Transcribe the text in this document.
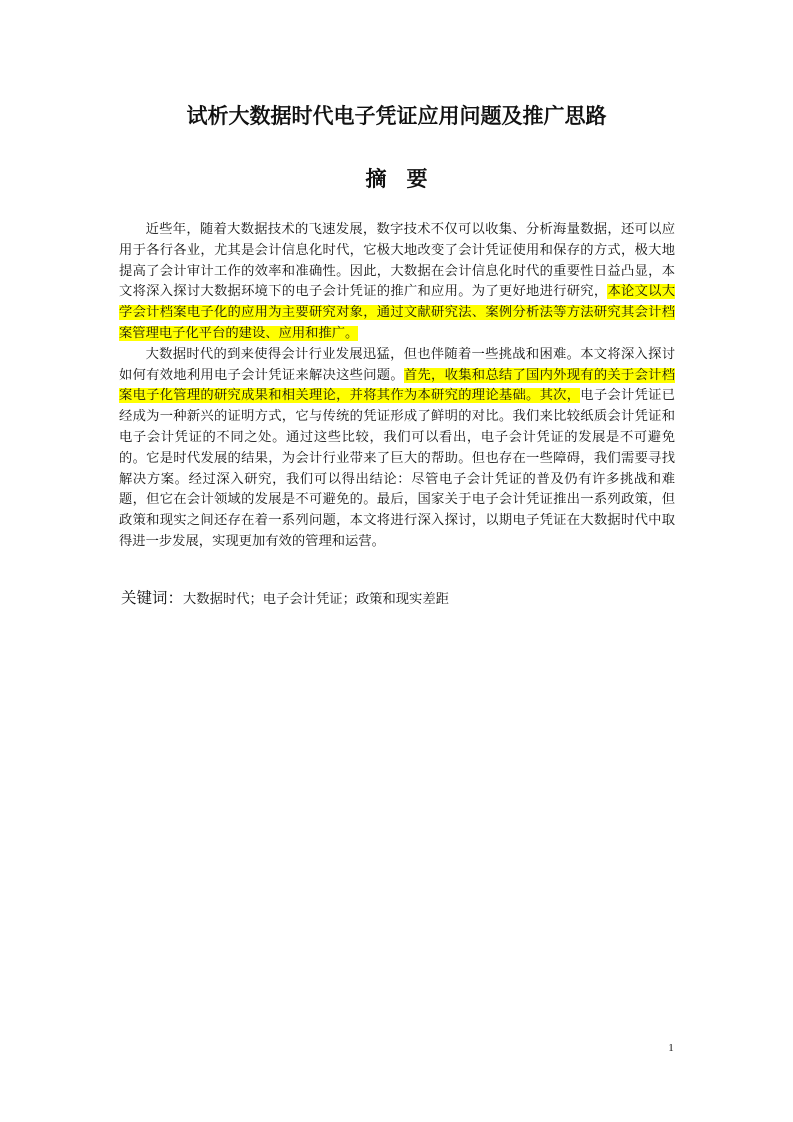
试析大数据时代电子凭证应用问题及推广思路
摘要

近些年，随着大数据技术的飞速发展，数字技术不仅可以收集、分析海量数据，还可以应用于各行各业，尤其是会计信息化时代，它极大地改变了会计凭证使用和保存的方式，极大地提高了会计审计工作的效率和准确性。因此，大数据在会计信息化时代的重要性日益凸显，本文将深入探讨大数据环境下的电子会计凭证的推广和应用。为了更好地进行研究，本论文以大学会计档案电子化的应用为主要研究对象，通过文献研究法、案例分析法等方法研究其会计档案管理电子化平台的建设、应用和推广。

大数据时代的到来使得会计行业发展迅猛，但也伴随着一些挑战和困难。本文将深入探讨如何有效地利用电子会计凭证来解决这些问题。首先，收集和总结了国内外现有的关于会计档案电子化管理的研究成果和相关理论，并将其作为本研究的理论基础。其次，电子会计凭证已经成为一种新兴的证明方式，它与传统的凭证形成了鲜明的对比。我们来比较纸质会计凭证和电子会计凭证的不同之处。通过这些比较，我们可以看出，电子会计凭证的发展是不可避免的。它是时代发展的结果，为会计行业带来了巨大的帮助。但也存在一些障碍，我们需要寻找解决方案。经过深入研究，我们可以得出结论：尽管电子会计凭证的普及仍有许多挑战和难题，但它在会计领域的发展是不可避免的。最后，国家关于电子会计凭证推出一系列政策，但政策和现实之间还存在着一系列问题，本文将进行深入探讨，以期电子凭证在大数据时代中取得进一步发展，实现更加有效的管理和运营。

关键词：大数据时代；电子会计凭证；政策和现实差距
1
